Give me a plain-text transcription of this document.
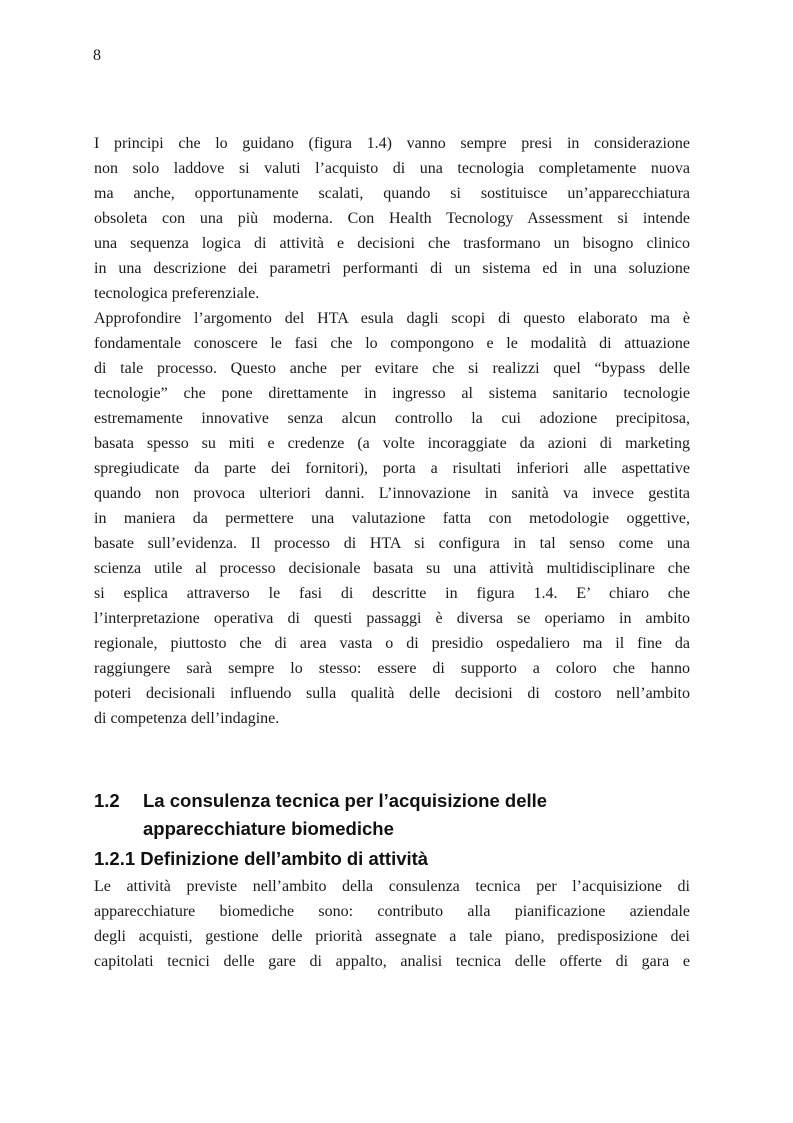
8
I principi che lo guidano (figura 1.4) vanno sempre presi in considerazione
non solo laddove si valuti l’acquisto di una tecnologia completamente nuova
ma anche, opportunamente scalati, quando si sostituisce un’apparecchiatura
obsoleta con una più moderna. Con Health Tecnology Assessment si intende
una sequenza logica di attività e decisioni che trasformano un bisogno clinico
in una descrizione dei parametri performanti di un sistema ed in una soluzione
tecnologica preferenziale.
Approfondire l’argomento del HTA esula dagli scopi di questo elaborato ma è
fondamentale conoscere le fasi che lo compongono e le modalità di attuazione
di tale processo. Questo anche per evitare che si realizzi quel “bypass delle
tecnologie” che pone direttamente in ingresso al sistema sanitario tecnologie
estremamente innovative senza alcun controllo la cui adozione precipitosa,
basata spesso su miti e credenze (a volte incoraggiate da azioni di marketing
spregiudicate da parte dei fornitori), porta a risultati inferiori alle aspettative
quando non provoca ulteriori danni. L’innovazione in sanità va invece gestita
in maniera da permettere una valutazione fatta con metodologie oggettive,
basate sull’evidenza. Il processo di HTA si configura in tal senso come una
scienza utile al processo decisionale basata su una attività multidisciplinare che
si esplica attraverso le fasi di descritte in figura 1.4. E’ chiaro che
l’interpretazione operativa di questi passaggi è diversa se operiamo in ambito
regionale, piuttosto che di area vasta o di presidio ospedaliero ma il fine da
raggiungere sarà sempre lo stesso: essere di supporto a coloro che hanno
poteri decisionali influendo sulla qualità delle decisioni di costoro nell’ambito
di competenza dell’indagine.
1.2 La consulenza tecnica per l’acquisizione delle
apparecchiature biomediche
1.2.1 Definizione dell’ambito di attività
Le attività previste nell’ambito della consulenza tecnica per l’acquisizione di
apparecchiature biomediche sono: contributo alla pianificazione aziendale
degli acquisti, gestione delle priorità assegnate a tale piano, predisposizione dei
capitolati tecnici delle gare di appalto, analisi tecnica delle offerte di gara e
